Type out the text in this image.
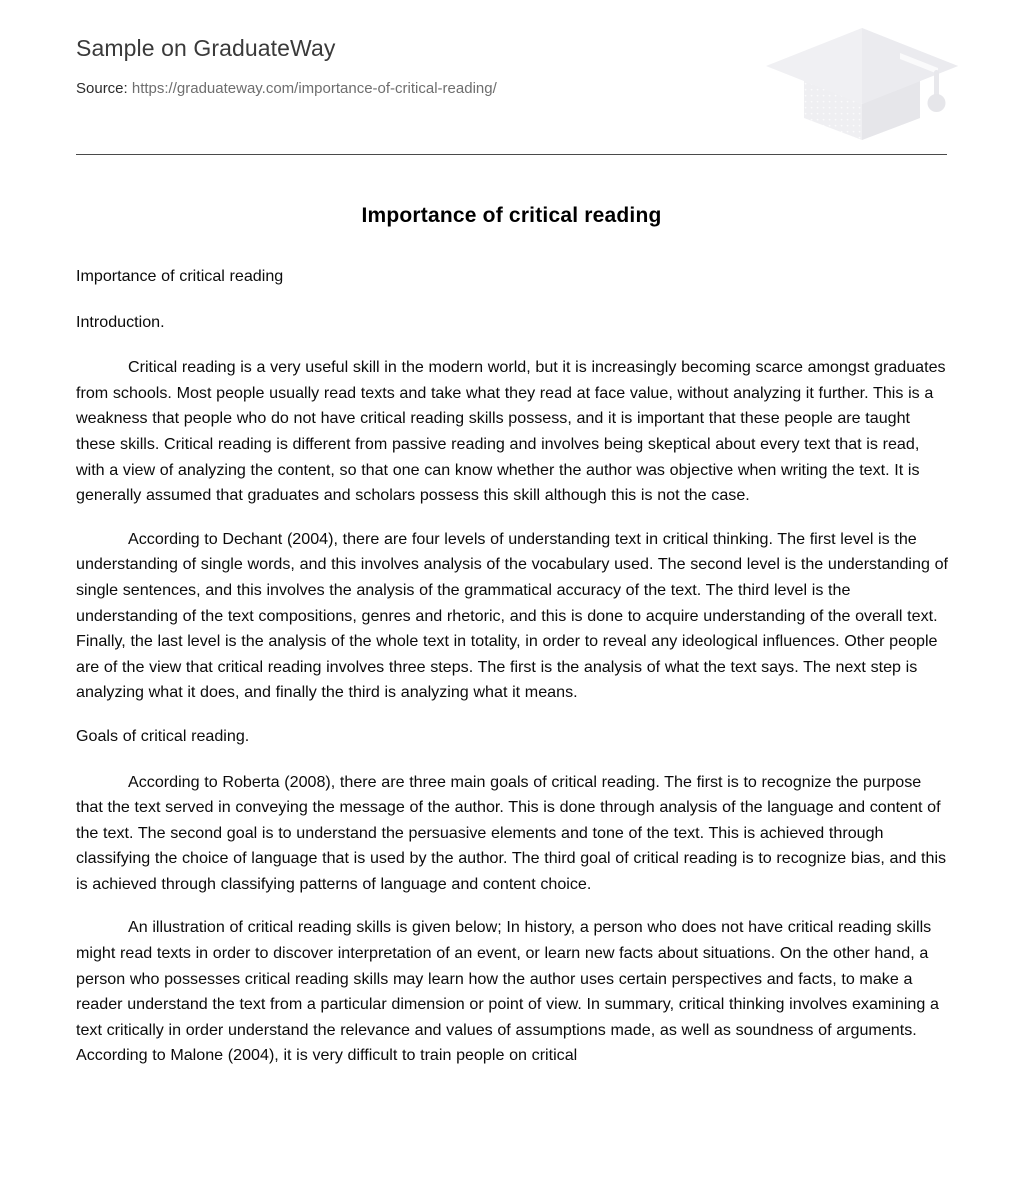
Sample on GraduateWay
Source: https://graduateway.com/importance-of-critical-reading/
Importance of critical reading

Importance of critical reading

Introduction.

Critical reading is a very useful skill in the modern world, but it is increasingly becoming scarce amongst graduates from schools. Most people usually read texts and take what they read at face value, without analyzing it further. This is a weakness that people who do not have critical reading skills possess, and it is important that these people are taught these skills. Critical reading is different from passive reading and involves being skeptical about every text that is read, with a view of analyzing the content, so that one can know whether the author was objective when writing the text. It is generally assumed that graduates and scholars possess this skill although this is not the case.

According to Dechant (2004), there are four levels of understanding text in critical thinking. The first level is the understanding of single words, and this involves analysis of the vocabulary used. The second level is the understanding of single sentences, and this involves the analysis of the grammatical accuracy of the text. The third level is the understanding of the text compositions, genres and rhetoric, and this is done to acquire understanding of the overall text. Finally, the last level is the analysis of the whole text in totality, in order to reveal any ideological influences. Other people are of the view that critical reading involves three steps. The first is the analysis of what the text says. The next step is analyzing what it does, and finally the third is analyzing what it means.

Goals of critical reading.

According to Roberta (2008), there are three main goals of critical reading. The first is to recognize the purpose that the text served in conveying the message of the author. This is done through analysis of the language and content of the text. The second goal is to understand the persuasive elements and tone of the text. This is achieved through classifying the choice of language that is used by the author. The third goal of critical reading is to recognize bias, and this is achieved through classifying patterns of language and content choice.

An illustration of critical reading skills is given below; In history, a person who does not have critical reading skills might read texts in order to discover interpretation of an event, or learn new facts about situations. On the other hand, a person who possesses critical reading skills may learn how the author uses certain perspectives and facts, to make a reader understand the text from a particular dimension or point of view. In summary, critical thinking involves examining a text critically in order understand the relevance and values of assumptions made, as well as soundness of arguments. According to Malone (2004), it is very difficult to train people on critical
